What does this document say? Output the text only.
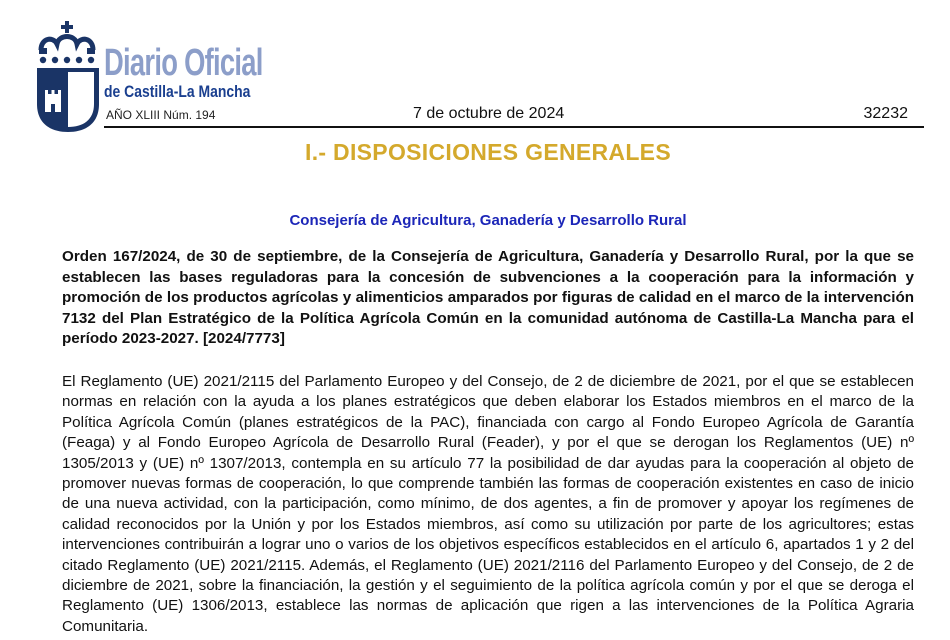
Diario Oficial
de Castilla-La Mancha
AÑO XLIII Núm. 194	7 de octubre de 2024	32232
I.- DISPOSICIONES GENERALES
Consejería de Agricultura, Ganadería y Desarrollo Rural
Orden 167/2024, de 30 de septiembre, de la Consejería de Agricultura, Ganadería y Desarrollo Rural, por la que se establecen las bases reguladoras para la concesión de subvenciones a la cooperación para la información y promoción de los productos agrícolas y alimenticios amparados por figuras de calidad en el marco de la intervención 7132 del Plan Estratégico de la Política Agrícola Común en la comunidad autónoma de Castilla-La Mancha para el período 2023-2027. [2024/7773]
El Reglamento (UE) 2021/2115 del Parlamento Europeo y del Consejo, de 2 de diciembre de 2021, por el que se establecen normas en relación con la ayuda a los planes estratégicos que deben elaborar los Estados miembros en el marco de la Política Agrícola Común (planes estratégicos de la PAC), financiada con cargo al Fondo Europeo Agrícola de Garantía (Feaga) y al Fondo Europeo Agrícola de Desarrollo Rural (Feader), y por el que se derogan los Reglamentos (UE) nº 1305/2013 y (UE) nº 1307/2013, contempla en su artículo 77 la posibilidad de dar ayudas para la cooperación al objeto de promover nuevas formas de cooperación, lo que comprende también las formas de cooperación existentes en caso de inicio de una nueva actividad, con la participación, como mínimo, de dos agentes, a fin de promover y apoyar los regímenes de calidad reconocidos por la Unión y por los Estados miembros, así como su utilización por parte de los agricultores; estas intervenciones contribuirán a lograr uno o varios de los objetivos específicos establecidos en el artículo 6, apartados 1 y 2 del citado Reglamento (UE) 2021/2115. Además, el Reglamento (UE) 2021/2116 del Parlamento Europeo y del Consejo, de 2 de diciembre de 2021, sobre la financiación, la gestión y el seguimiento de la política agrícola común y por el que se deroga el Reglamento (UE) 1306/2013, establece las normas de aplicación que rigen a las intervenciones de la Política Agraria Comunitaria.
